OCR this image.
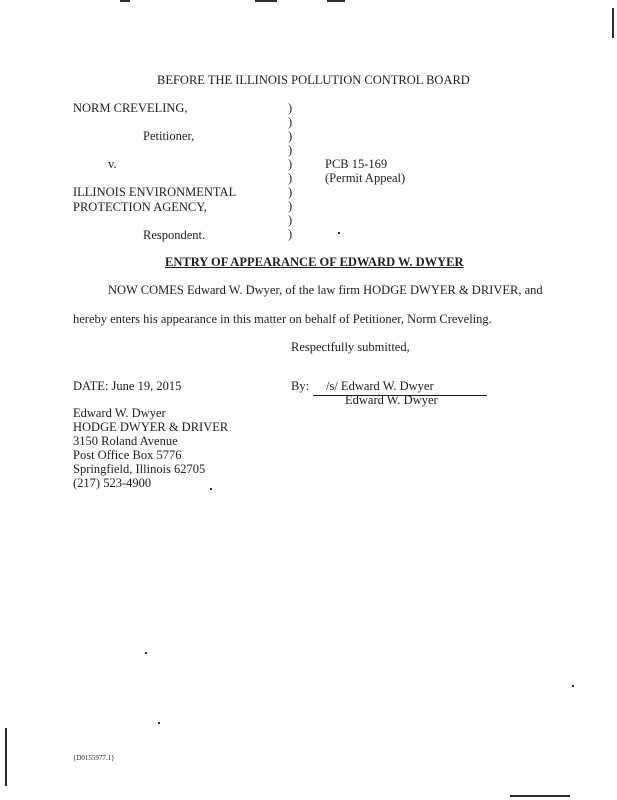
BEFORE THE ILLINOIS POLLUTION CONTROL BOARD
NORM CREVELING,
Petitioner,
v.
ILLINOIS ENVIRONMENTAL
PROTECTION AGENCY,
Respondent.
)
)
)
)
)
)
)
)
)
)
PCB 15-169
(Permit Appeal)
ENTRY OF APPEARANCE OF EDWARD W. DWYER
NOW COMES Edward W. Dwyer, of the law firm HODGE DWYER & DRIVER, and
hereby enters his appearance in this matter on behalf of Petitioner, Norm Creveling.
Respectfully submitted,
DATE: June 19, 2015	By: /s/ Edward W. Dwyer
Edward W. Dwyer
Edward W. Dwyer
HODGE DWYER & DRIVER
3150 Roland Avenue
Post Office Box 5776
Springfield, Illinois 62705
(217) 523-4900
{D0155977.1}
